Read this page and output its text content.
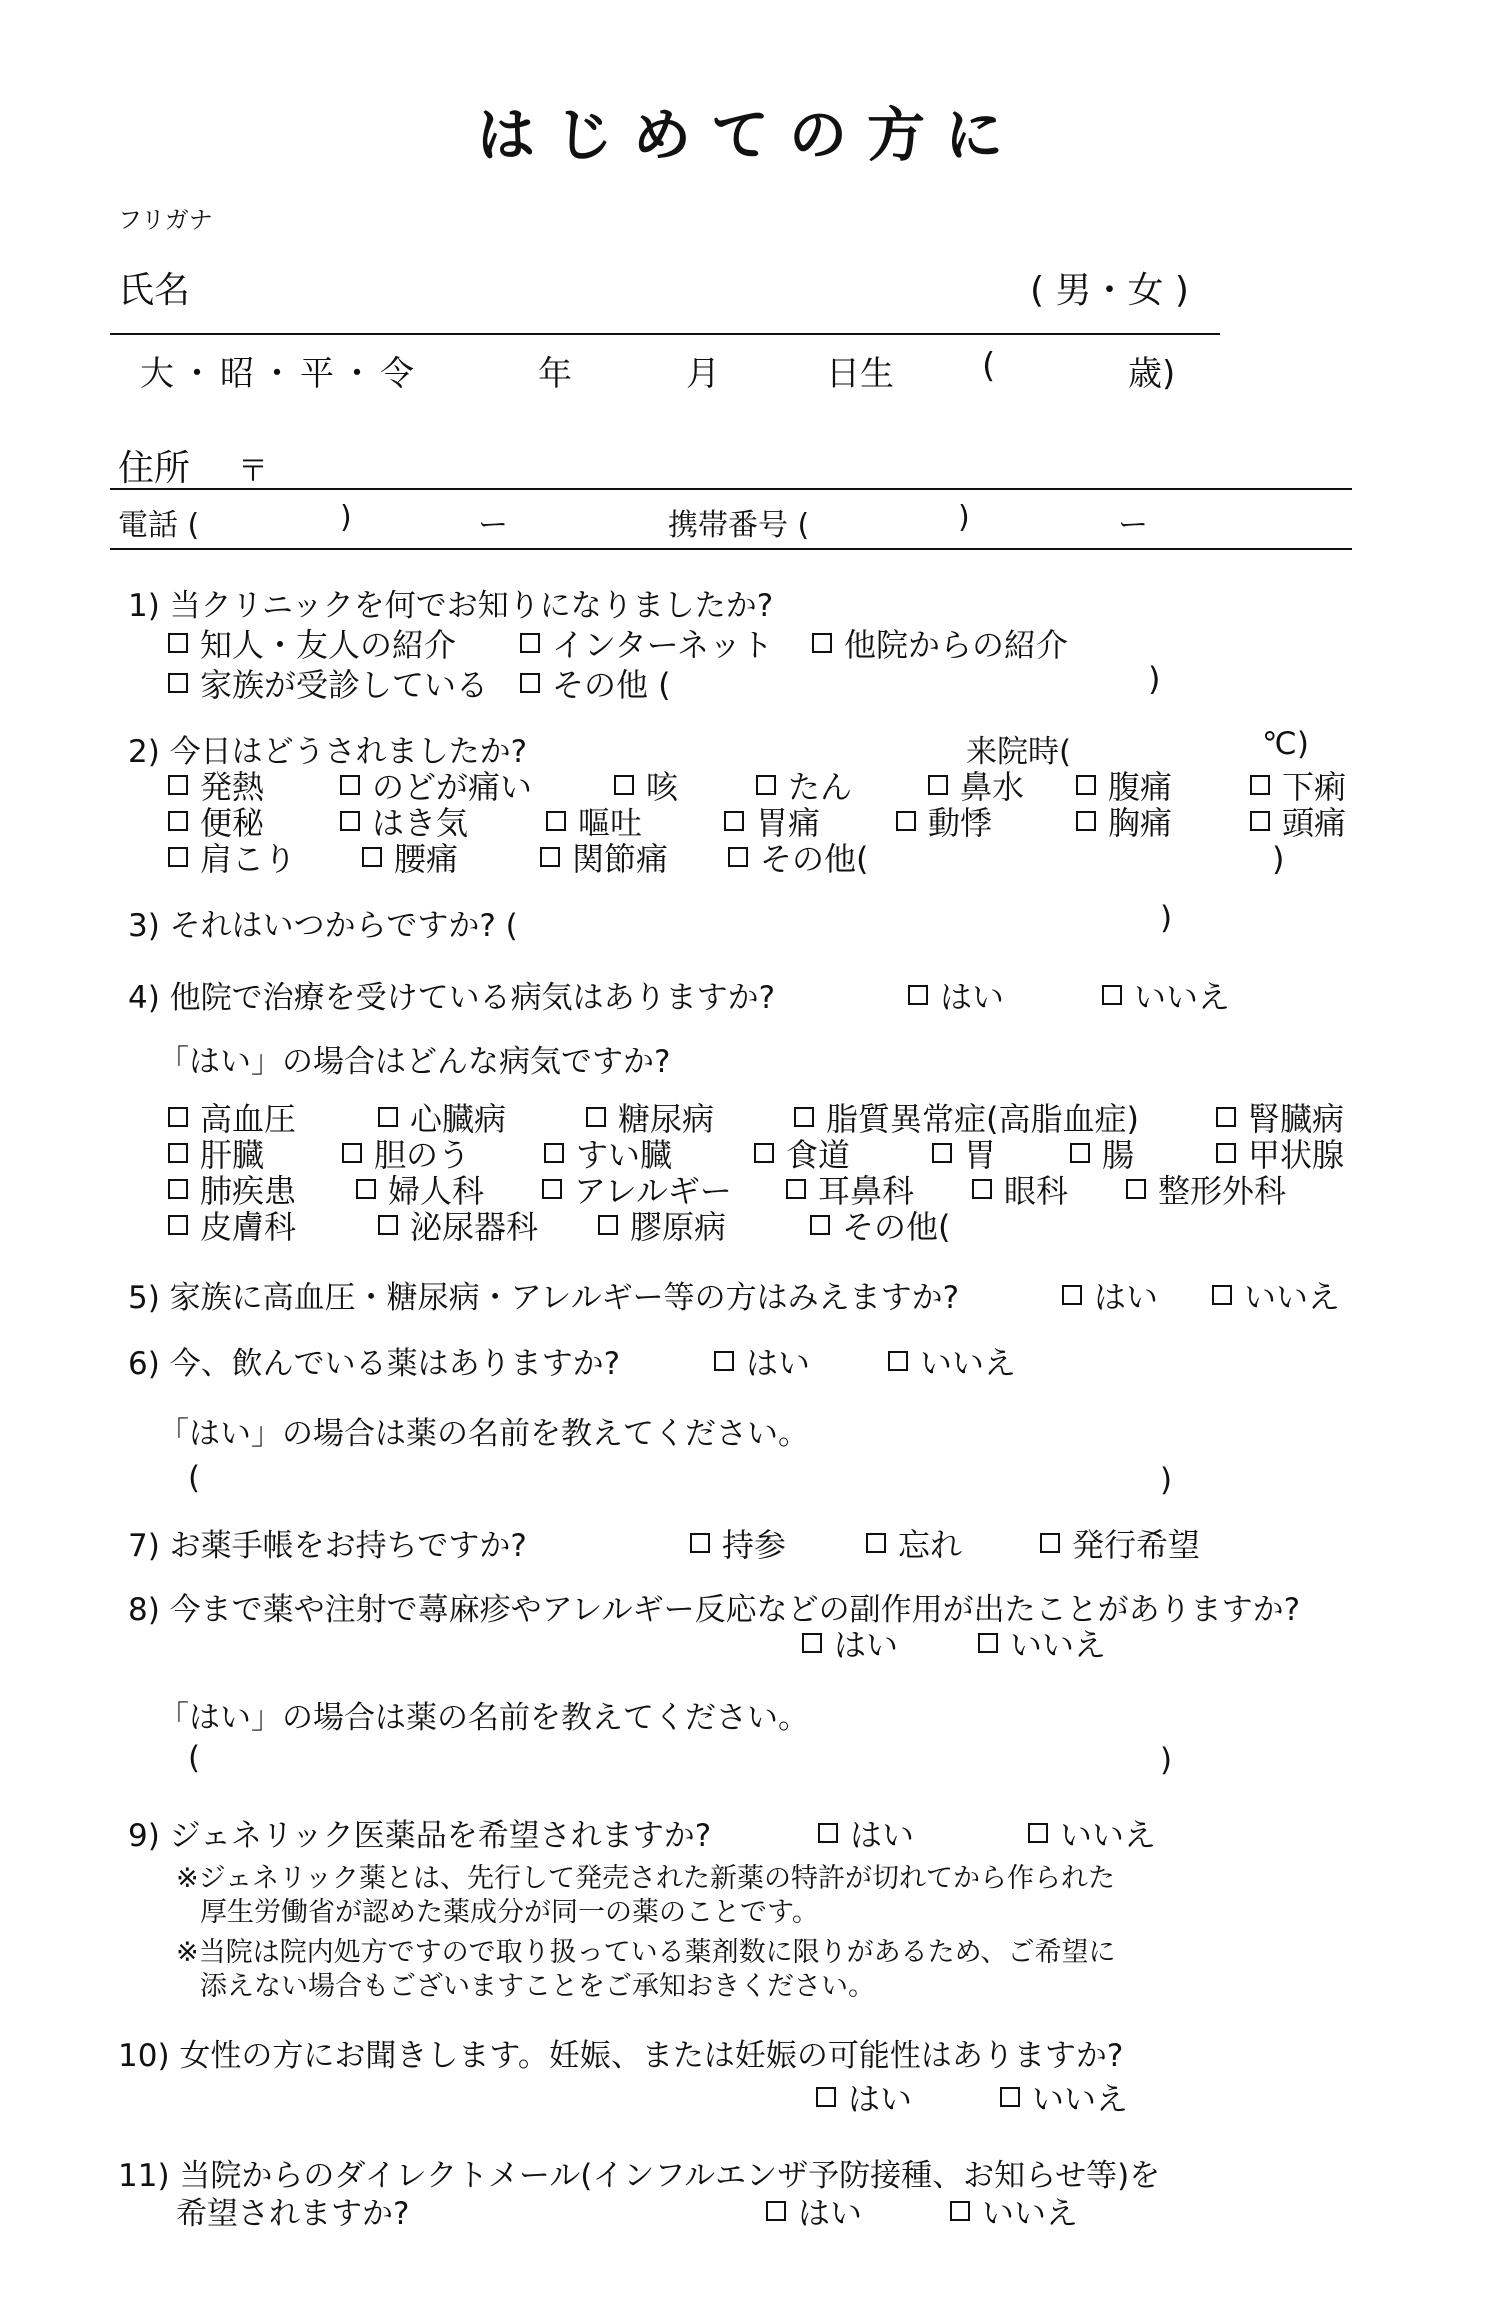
はじめての方に
フリガナ
氏名	( 男・女 )
大・昭・平・令	年	月	日生	(	歳)
住所 〒
電話 (	)	ー	携帯番号 (	)	ー
1) 当クリニックを何でお知りになりましたか?
知人・友人の紹介	インターネット 他院からの紹介
家族が受診している その他 (	)
2) 今日はどうされましたか?	来院時(	℃)
発熱	のどが痛い	咳	たん	鼻水	腹痛	下痢
便秘	はき気	嘔吐	胃痛	動悸	胸痛	頭痛
肩こり	腰痛	関節痛	その他(	)
3) それはいつからですか? (	)
4) 他院で治療を受けている病気はありますか?	はい	いいえ
「はい」の場合はどんな病気ですか?
高血圧	心臓病	糖尿病	脂質異常症(高脂血症)	腎臓病
肝臓	胆のう	すい臓	食道	胃	腸	甲状腺
肺疾患	婦人科	アレルギー	耳鼻科	眼科	整形外科
皮膚科	泌尿器科	膠原病	その他(
5) 家族に高血圧・糖尿病・アレルギー等の方はみえますか?	はい	いいえ
6) 今、飲んでいる薬はありますか?	はい	いいえ
「はい」の場合は薬の名前を教えてください。
(	)
7) お薬手帳をお持ちですか?	持参	忘れ	発行希望
8) 今まで薬や注射で蕁麻疹やアレルギー反応などの副作用が出たことがありますか?
はい	いいえ
「はい」の場合は薬の名前を教えてください。
(	)
9) ジェネリック医薬品を希望されますか?	はい	いいえ
※ジェネリック薬とは、先行して発売された新薬の特許が切れてから作られた
厚生労働省が認めた薬成分が同一の薬のことです。
※当院は院内処方ですので取り扱っている薬剤数に限りがあるため、ご希望に
添えない場合もございますことをご承知おきください。
10) 女性の方にお聞きします。妊娠、または妊娠の可能性はありますか?
はい	いいえ
11) 当院からのダイレクトメール(インフルエンザ予防接種、お知らせ等)を
希望されますか?	はい	いいえ
